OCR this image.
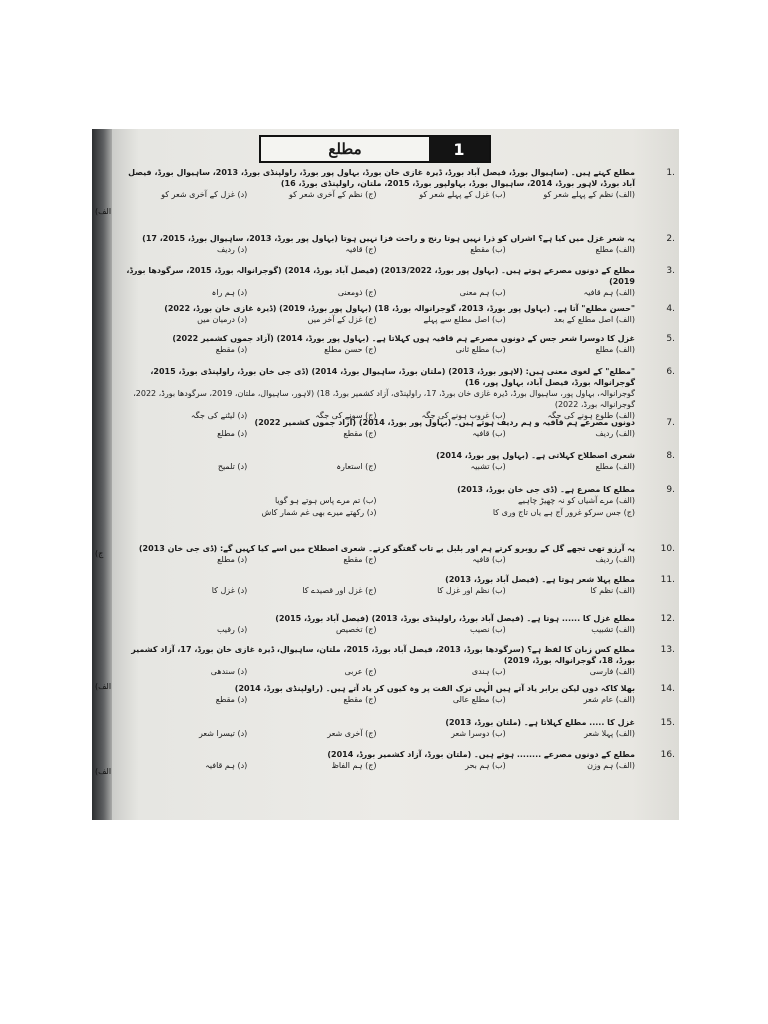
(الف
(ج
(الف
(الف
مطلع	1
1.
مطلع کہتے ہیں۔ (ساہیوال بورڈ، فیصل آباد بورڈ، ڈیرہ غازی خان بورڈ، بہاول پور بورڈ، راولپنڈی بورڈ، 2013، ساہیوال بورڈ، فیصل آباد بورڈ، لاہور بورڈ، 2014، ساہیوال بورڈ، بہاولپور بورڈ، 2015، ملتان، راولپنڈی بورڈ، 16)
(الف) نظم کے پہلے شعر کو
(ب) غزل کے پہلے شعر کو
(ج) نظم کے آخری شعر کو
(د) غزل کے آخری شعر کو
2.
یہ شعر غزل میں کیا ہے؟ اشراں کو ذرا نہیں ہوتا رنج و راحت فزا نہیں ہوتا (بہاول پور بورڈ، 2013، ساہیوال بورڈ، 2015، 17)
(الف) مطلع
(ب) مقطع
(ج) قافیہ
(د) ردیف
3.
مطلع کے دونوں مصرعے ہوتے ہیں۔ (بہاول پور بورڈ، 2013/2022) (فیصل آباد بورڈ، 2014) (گوجرانوالہ بورڈ، 2015، سرگودھا بورڈ، 2019)
(الف) ہم قافیہ
(ب) ہم معنی
(ج) ذومعنی
(د) ہم راہ
4.
"حسن مطلع" آتا ہے۔ (بہاول پور بورڈ، 2013، گوجرانوالہ بورڈ، 18) (بہاول پور بورڈ، 2019) (ڈیرہ غازی خان بورڈ، 2022)
(الف) اصل مطلع کے بعد
(ب) اصل مطلع سے پہلے
(ج) غزل کے آخر میں
(د) درمیان میں
5.
غزل کا دوسرا شعر جس کے دونوں مصرعے ہم قافیہ ہوں کہلاتا ہے۔ (بہاول پور بورڈ، 2014) (آزاد جموں کشمیر 2022)
(الف) مطلع
(ب) مطلع ثانی
(ج) حسن مطلع
(د) مقطع
6.
"مطلع" کے لغوی معنی ہیں: (لاہور بورڈ، 2013) (ملتان بورڈ، ساہیوال بورڈ، 2014) (ڈی جی خان بورڈ، راولپنڈی بورڈ، 2015، گوجرانوالہ بورڈ، فیصل آباد، بہاول پور، 16)
گوجرانوالہ، بہاول پور، ساہیوال بورڈ، ڈیرہ غازی خان بورڈ، 17، راولپنڈی، آزاد کشمیر بورڈ، 18) (لاہور، ساہیوال، ملتان، 2019، سرگودھا بورڈ، 2022، گوجرانوالہ بورڈ، 2022)
(الف) طلوع ہونے کی جگہ
(ب) غروب ہونے کی جگہ
(ج) سونے کی جگہ
(د) لیٹنے کی جگہ
7.
دونوں مصرعے ہم قافیہ و ہم ردیف ہوتے ہیں۔ (بہاول پور بورڈ، 2014) (آزاد جموں کشمیر 2022)
(الف) ردیف
(ب) قافیہ
(ج) مقطع
(د) مطلع
8.
شعری اصطلاح کہلاتی ہے۔ (بہاول پور بورڈ، 2014)
(الف) مطلع
(ب) تشبیہ
(ج) استعارہ
(د) تلمیح
9.
مطلع کا مصرع ہے۔ (ڈی جی خان بورڈ، 2013)
(الف) مرے آشیاں کو نہ چھیڑ چاہیے
(ب) تم مرے پاس ہوتے ہو گویا
(ج) جس سرکو غرور آج ہے یاں تاج وری کا
(د) رکھتے میرے بھی غم شمار کاش
10.
یہ آرزو تھی تجھے گل کے روبرو کرتے ہم اور بلبل بے تاب گفتگو کرتے۔ شعری اصطلاح میں اسے کیا کہیں گے: (ڈی جی خان 2013)
(الف) ردیف
(ب) قافیہ
(ج) مقطع
(د) مطلع
11.
مطلع پہلا شعر ہوتا ہے۔ (فیصل آباد بورڈ، 2013)
(الف) نظم کا
(ب) نظم اور غزل کا
(ج) غزل اور قصیدے کا
(د) غزل کا
12.
مطلع غزل کا ...... ہوتا ہے۔ (فیصل آباد بورڈ، راولپنڈی بورڈ، 2013) (فیصل آباد بورڈ، 2015)
(الف) تشبیب
(ب) نصیب
(ج) تخصیص
(د) رقیب
13.
مطلع کس زبان کا لفظ ہے؟ (سرگودھا بورڈ، 2013، فیصل آباد بورڈ، 2015، ملتان، ساہیوال، ڈیرہ غازی خان بورڈ، 17، آزاد کشمیر بورڈ، 18، گوجرانوالہ بورڈ، 2019)
(الف) فارسی
(ب) ہندی
(ج) عربی
(د) سندھی
14.
بھلا کاکہ دوں لیکن برابر یاد آتے ہیں الٰہی ترک الفت پر وہ کیوں کر یاد آتے ہیں۔ (راولپنڈی بورڈ، 2014)
(الف) عام شعر
(ب) مطلع عالی
(ج) مقطع
(د) مقطع
15.
غزل کا ..... مطلع کہلاتا ہے۔ (ملتان بورڈ، 2013)
(الف) پہلا شعر
(ب) دوسرا شعر
(ج) آخری شعر
(د) تیسرا شعر
16.
مطلع کے دونوں مصرعے ........ ہوتے ہیں۔ (ملتان بورڈ، آزاد کشمیر بورڈ، 2014)
(الف) ہم وزن
(ب) ہم بحر
(ج) ہم الفاظ
(د) ہم قافیہ
